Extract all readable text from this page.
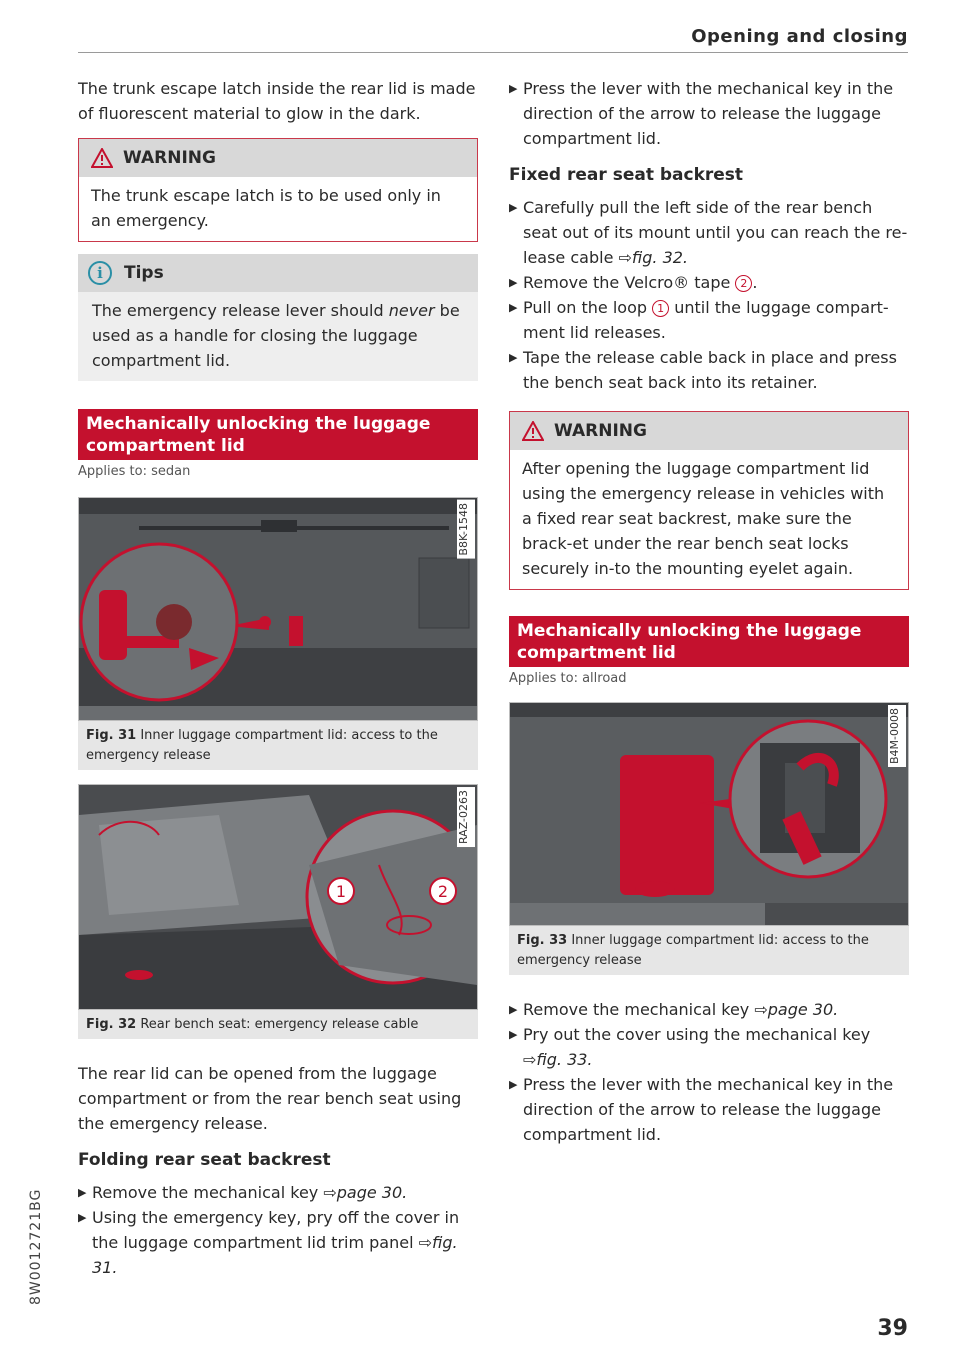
Opening and closing

The trunk escape latch inside the rear lid is made of fluorescent material to glow in the dark.

WARNING
The trunk escape latch is to be used only in an emergency.
i	Tips
The emergency release lever should never be used as a handle for closing the luggage compartment lid.
Mechanically unlocking the luggage compartment lid
Applies to: sedan
B8K-1548
Fig. 31 Inner luggage compartment lid: access to the emergency release
1	2
RAZ-0263
Fig. 32 Rear bench seat: emergency release cable

The rear lid can be opened from the luggage compartment or from the rear bench seat using the emergency release.

Folding rear seat backrest
▶ Remove the mechanical key ⇨page 30.
▶ Using the emergency key, pry off the cover in the luggage compartment lid trim panel ⇨fig. 31.
▶ Press the lever with the mechanical key in the direction of the arrow to release the luggage compartment lid.
Fixed rear seat backrest
▶ Carefully pull the left side of the rear bench seat out of its mount until you can reach the re-lease cable ⇨fig. 32.
▶ Remove the Velcro® tape 2 .
▶ Pull on the loop 1 until the luggage compart-ment lid releases.
▶ Tape the release cable back in place and press the bench seat back into its retainer.
WARNING
After opening the luggage compartment lid using the emergency release in vehicles with a fixed rear seat backrest, make sure the brack-et under the rear bench seat locks securely in-to the mounting eyelet again.
Mechanically unlocking the luggage compartment lid
Applies to: allroad
B4M-0008
Fig. 33 Inner luggage compartment lid: access to the emergency release
▶ Remove the mechanical key ⇨page 30.
▶ Pry out the cover using the mechanical key ⇨fig. 33.
▶ Press the lever with the mechanical key in the direction of the arrow to release the luggage compartment lid.
8W0012721BG
39
